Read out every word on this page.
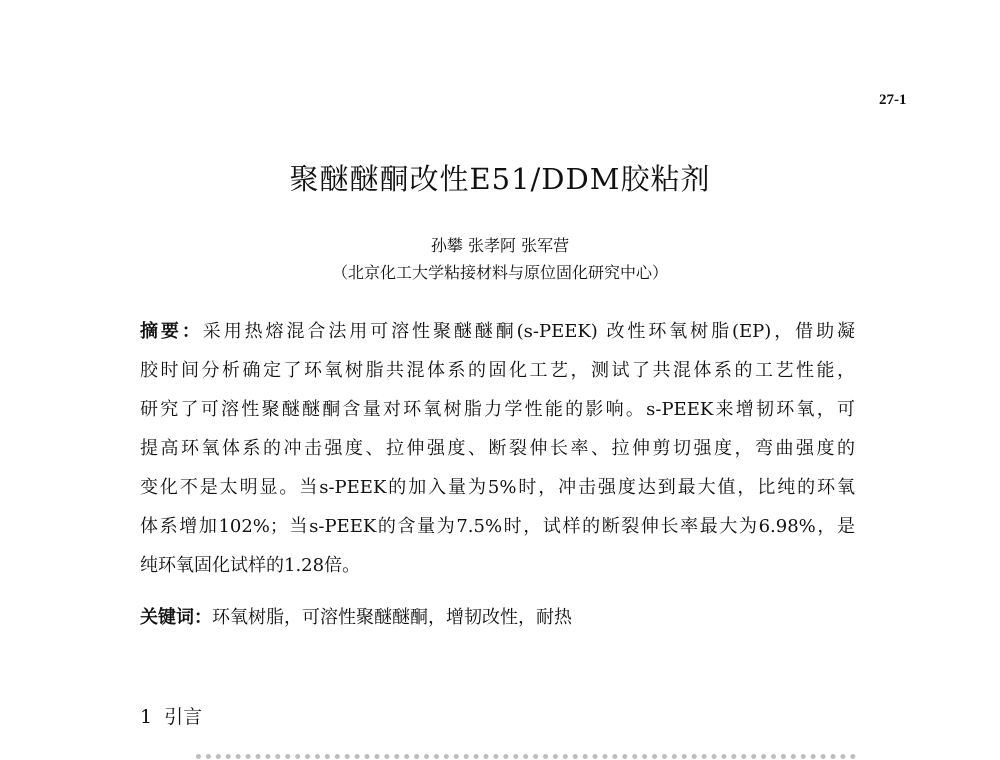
27-1
聚醚醚酮改性E51/DDM胶粘剂
孙攀 张孝阿 张军营
（北京化工大学粘接材料与原位固化研究中心）
摘要：采用热熔混合法用可溶性聚醚醚酮(s-PEEK) 改性环氧树脂(EP)，借助凝
胶时间分析确定了环氧树脂共混体系的固化工艺，测试了共混体系的工艺性能，
研究了可溶性聚醚醚酮含量对环氧树脂力学性能的影响。s-PEEK来增韧环氧，可
提高环氧体系的冲击强度、拉伸强度、断裂伸长率、拉伸剪切强度，弯曲强度的
变化不是太明显。当s-PEEK的加入量为5%时，冲击强度达到最大值，比纯的环氧
体系增加102%；当s-PEEK的含量为7.5%时，试样的断裂伸长率最大为6.98%，是
纯环氧固化试样的1.28倍。
关键词：环氧树脂，可溶性聚醚醚酮，增韧改性，耐热
1 引言
